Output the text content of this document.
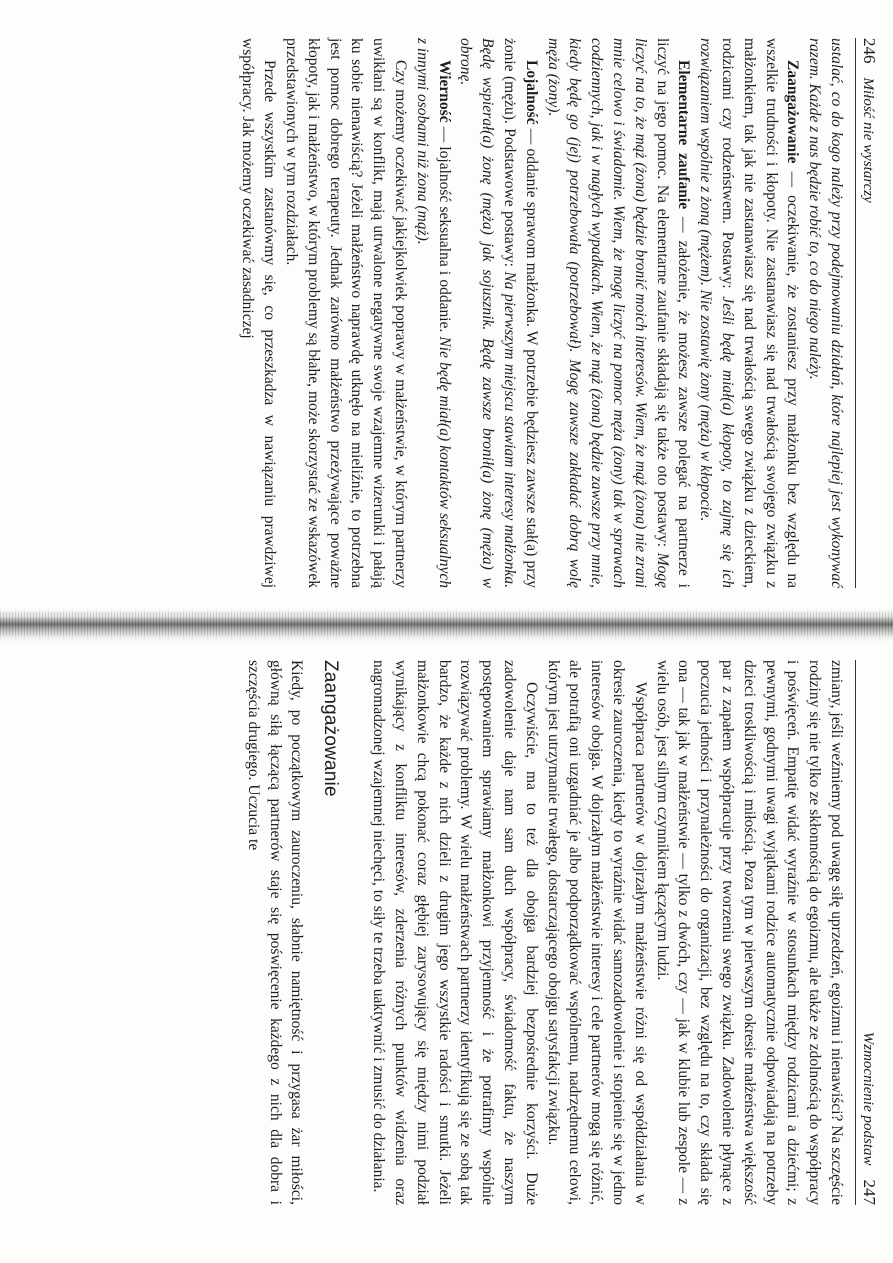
246
Miłość nie wystarczy

ustalać, co do kogo należy przy podejmowaniu działań, które najlepiej jest wykonywać razem. Każde z nas będzie robić to, co do niego należy.

Zaangażowanie — oczekiwanie, że zostaniesz przy małżonku bez względu na wszelkie trudności i kłopoty. Nie zastanawiasz się nad trwałością swojego związku z małżonkiem, tak jak nie zastanawiasz się nad trwałością swego związku z dzieckiem, rodzicami czy rodzeństwem. Postawy: Jeśli będę miał(a) kłopoty, to zajmę się ich rozwiązaniem wspólnie z żoną (mężem). Nie zostawię żony (męża) w kłopocie.

Elementarne zaufanie — założenie, że możesz zawsze polegać na partnerze i liczyć na jego pomoc. Na elementarne zaufanie składają się także oto postawy: Mogę liczyć na to, że mąż (żona) będzie bronić moich interesów. Wiem, że mąż (żona) nie zrani mnie celowo i świadomie. Wiem, że mogę liczyć na pomoc męża (żony) tak w sprawach codziennych, jak i w nagłych wypadkach. Wiem, że mąż (żona) będzie zawsze przy mnie, kiedy będę go (jej) potrzebowała (potrzebował). Mogę zawsze zakładać dobrą wolę męża (żony).

Lojalność — oddanie sprawom małżonka. W potrzebie będziesz zawsze stał(a) przy żonie (mężu). Podstawowe postawy: Na pierwszym miejscu stawiam interesy małżonka. Będę wspierał(a) żonę (męża) jak sojusznik. Będę zawsze bronił(a) żonę (męża) w obronę.

Wierność — lojalność seksualna i oddanie. Nie będę miał(a) kontaktów seksualnych z innymi osobami niż żona (mąż).

Czy możemy oczekiwać jakiejkolwiek poprawy w małżeństwie, w którym partnerzy uwikłani są w konflikt, mają utrwalone negatywne swoje wzajemne wizerunki i pałają ku sobie nienawiścią? Jeżeli małżeństwo naprawdę utknęło na mieliźnie, to potrzebna jest pomoc dobrego terapeuty. Jednak zarówno małżeństwo przeżywające poważne kłopoty, jak i małżeństwo, w którym problemy są błahe, może skorzystać ze wskazówek przedstawionych w tym rozdziałach.

Przede wszystkim zastanówmy się, co przeszkadza w nawiązaniu prawdziwej współpracy. Jak możemy oczekiwać zasadniczej

Wzmocnienie podstaw
247

zmiany, jeśli weźmiemy pod uwagę siłę uprzedzeń, egoizmu i nienawiści? Na szczęście rodziny się nie tylko ze skłonnością do egoizmu, ale także ze zdolnością do współpracy i poświęceń. Empatię widać wyraźnie w stosunkach między rodzicami a dziećmi; z pewnymi, godnymi uwagi wyjątkami rodzice automatycznie odpowiadają na potrzeby dzieci troskliwością i miłością. Poza tym w pierwszym okresie małżeństwa większość par z zapałem współpracuje przy tworzeniu swego związku. Zadowolenie płynące z poczucia jedności i przynależności do organizacji, bez względu na to, czy składa się ona — tak jak w małżeństwie — tylko z dwóch, czy — jak w klubie lub zespole — z wielu osób, jest silnym czynnikiem łączącym ludzi.

Współpraca partnerów w dojrzałym małżeństwie różni się od współdziałania w okresie zauroczenia, kiedy to wyraźnie widać samozadowolenie i stopienie się w jedno interesów obojga. W dojrzałym małżeństwie interesy i cele partnerów mogą się różnić, ale potrafią oni uzgadniać je albo podporządkować wspólnemu, nadrzędnemu celowi, którym jest utrzymanie trwałego, dostarczającego obojgu satysfakcji związku.

Oczywiście, ma to też dla obojga bardziej bezpośrednie korzyści. Duże zadowolenie daje nam sam duch współpracy, świadomość faktu, że naszym postępowaniem sprawiamy małżonkowi przyjemność i że potrafimy wspólnie rozwiązywać problemy. W wielu małżeństwach partnerzy identyfikują się ze sobą tak bardzo, że każde z nich dzieli z drugim jego wszystkie radości i smutki. Jeżeli małżonkowie chcą pokonać coraz głębiej zarysowujący się między nimi podział wynikający z konfliktu interesów, zderzenia różnych punktów widzenia oraz nagromadzonej wzajemnej niechęci, to siły te trzeba uaktywnić i zmusić do działania.

Zaangażowanie

Kiedy, po początkowym zauroczeniu, słabnie namiętność i przygasa żar miłości, główną siłą łączącą partnerów staje się poświęcenie każdego z nich dla dobra i szczęścia drugiego. Uczucia te
